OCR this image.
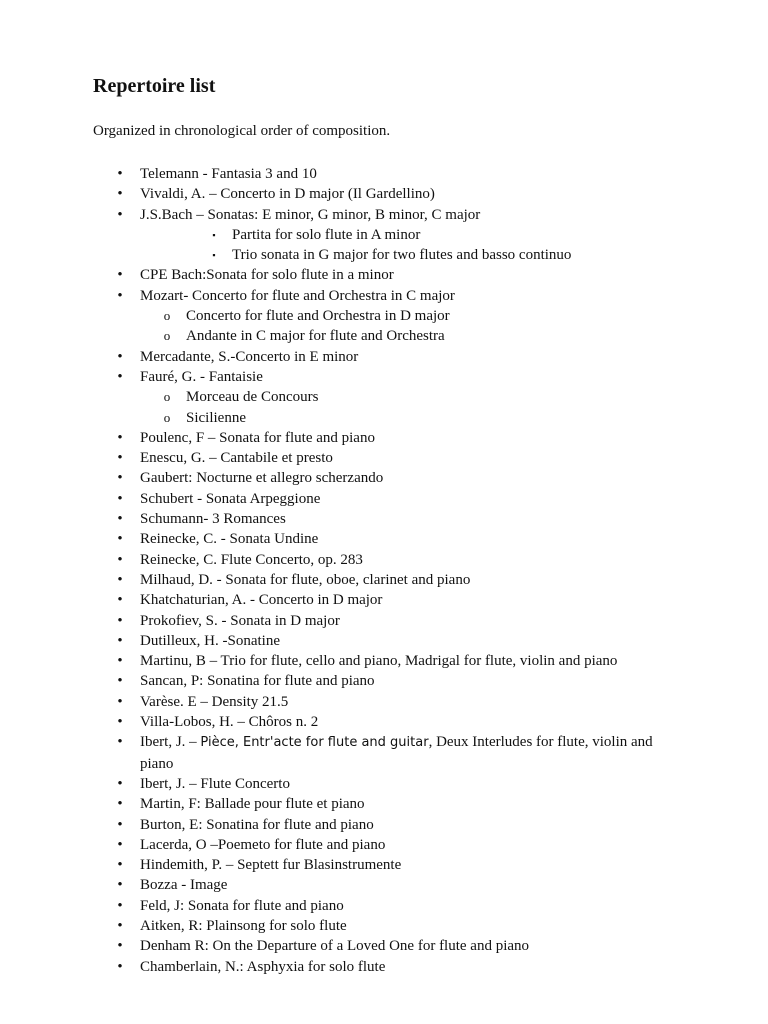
Repertoire list

Organized in chronological order of composition.

• Telemann - Fantasia 3 and 10
• Vivaldi, A. – Concerto in D major (Il Gardellino)
• J.S.Bach – Sonatas: E minor, G minor, B minor, C major
▪	Partita for solo flute in A minor
▪	Trio sonata in G major for two flutes and basso continuo
• CPE Bach:Sonata for solo flute in a minor
• Mozart- Concerto for flute and Orchestra in C major
o Concerto for flute and Orchestra in D major
o Andante in C major for flute and Orchestra
• Mercadante, S.-Concerto in E minor
• Fauré, G. - Fantaisie
o Morceau de Concours
o Sicilienne
• Poulenc, F – Sonata for flute and piano
• Enescu, G. – Cantabile et presto
• Gaubert: Nocturne et allegro scherzando
• Schubert - Sonata Arpeggione
• Schumann- 3 Romances
• Reinecke, C. - Sonata Undine
• Reinecke, C. Flute Concerto, op. 283
• Milhaud, D. - Sonata for flute, oboe, clarinet and piano
• Khatchaturian, A. - Concerto in D major
• Prokofiev, S. - Sonata in D major
• Dutilleux, H. -Sonatine
• Martinu, B – Trio for flute, cello and piano, Madrigal for flute, violin and piano
• Sancan, P: Sonatina for flute and piano
• Varèse. E – Density 21.5
• Villa-Lobos, H. – Chôros n. 2
• Ibert, J. – Pièce, Entr'acte for flute and guitar, Deux Interludes for flute, violin and piano
• Ibert, J. – Flute Concerto
• Martin, F: Ballade pour flute et piano
• Burton, E: Sonatina for flute and piano
• Lacerda, O –Poemeto for flute and piano
• Hindemith, P. – Septett fur Blasinstrumente
• Bozza - Image
• Feld, J: Sonata for flute and piano
• Aitken, R: Plainsong for solo flute
• Denham R: On the Departure of a Loved One for flute and piano
• Chamberlain, N.: Asphyxia for solo flute
